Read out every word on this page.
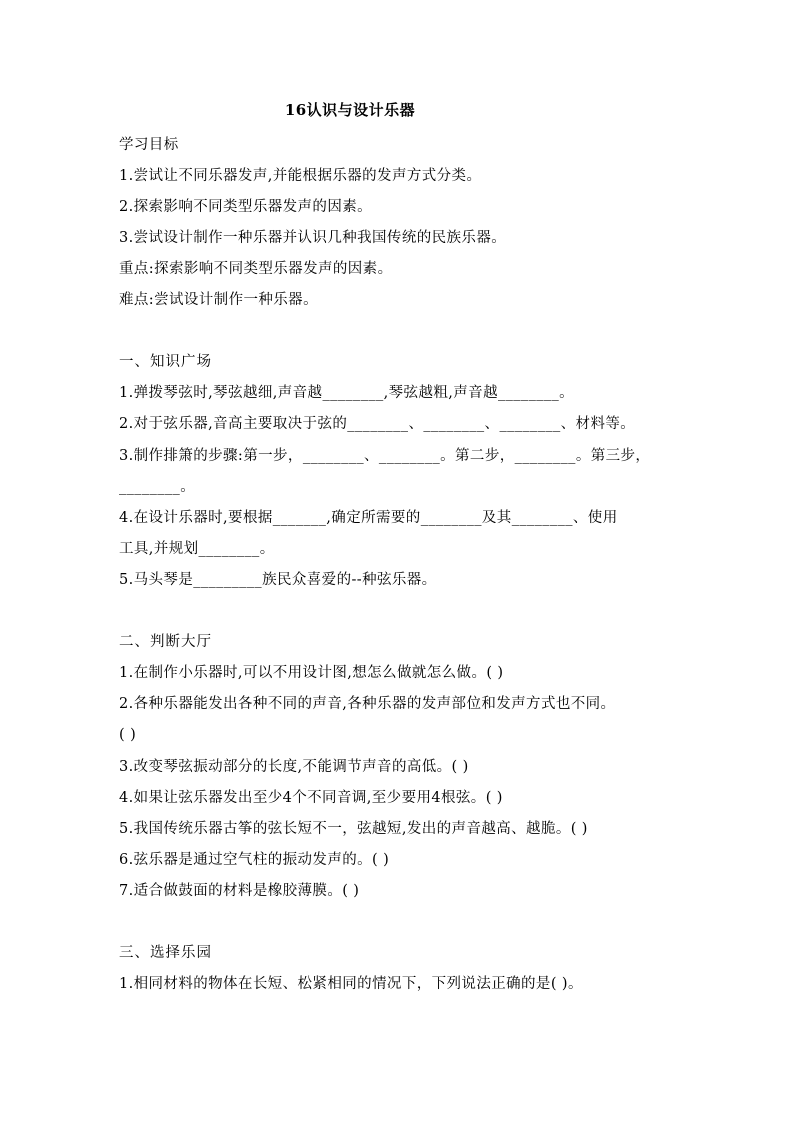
16认识与设计乐器
学习目标
1.尝试让不同乐器发声,并能根据乐器的发声方式分类。
2.探索影响不同类型乐器发声的因素。
3.尝试设计制作一种乐器并认识几种我国传统的民族乐器。
重点:探索影响不同类型乐器发声的因素。
难点:尝试设计制作一种乐器。
一、知识广场
1.弹拨琴弦时,琴弦越细,声音越________,琴弦越粗,声音越________。
2.对于弦乐器,音高主要取决于弦的________、________、________、材料等。
3.制作排箫的步骤:第一步，________、________。第二步，________。第三步，
________。
4.在设计乐器时,要根据_______,确定所需要的________及其________、使用
工具,并规划________。
5.马头琴是_________族民众喜爱的--种弦乐器。
二、判断大厅
1.在制作小乐器时,可以不用设计图,想怎么做就怎么做。( )
2.各种乐器能发出各种不同的声音,各种乐器的发声部位和发声方式也不同。
( )
3.改变琴弦振动部分的长度,不能调节声音的高低。( )
4.如果让弦乐器发出至少4个不同音调,至少要用4根弦。( )
5.我国传统乐器古筝的弦长短不一，弦越短,发出的声音越高、越脆。( )
6.弦乐器是通过空气柱的振动发声的。( )
7.适合做鼓面的材料是橡胶薄膜。( )
三、选择乐园
1.相同材料的物体在长短、松紧相同的情况下，下列说法正确的是( )。
